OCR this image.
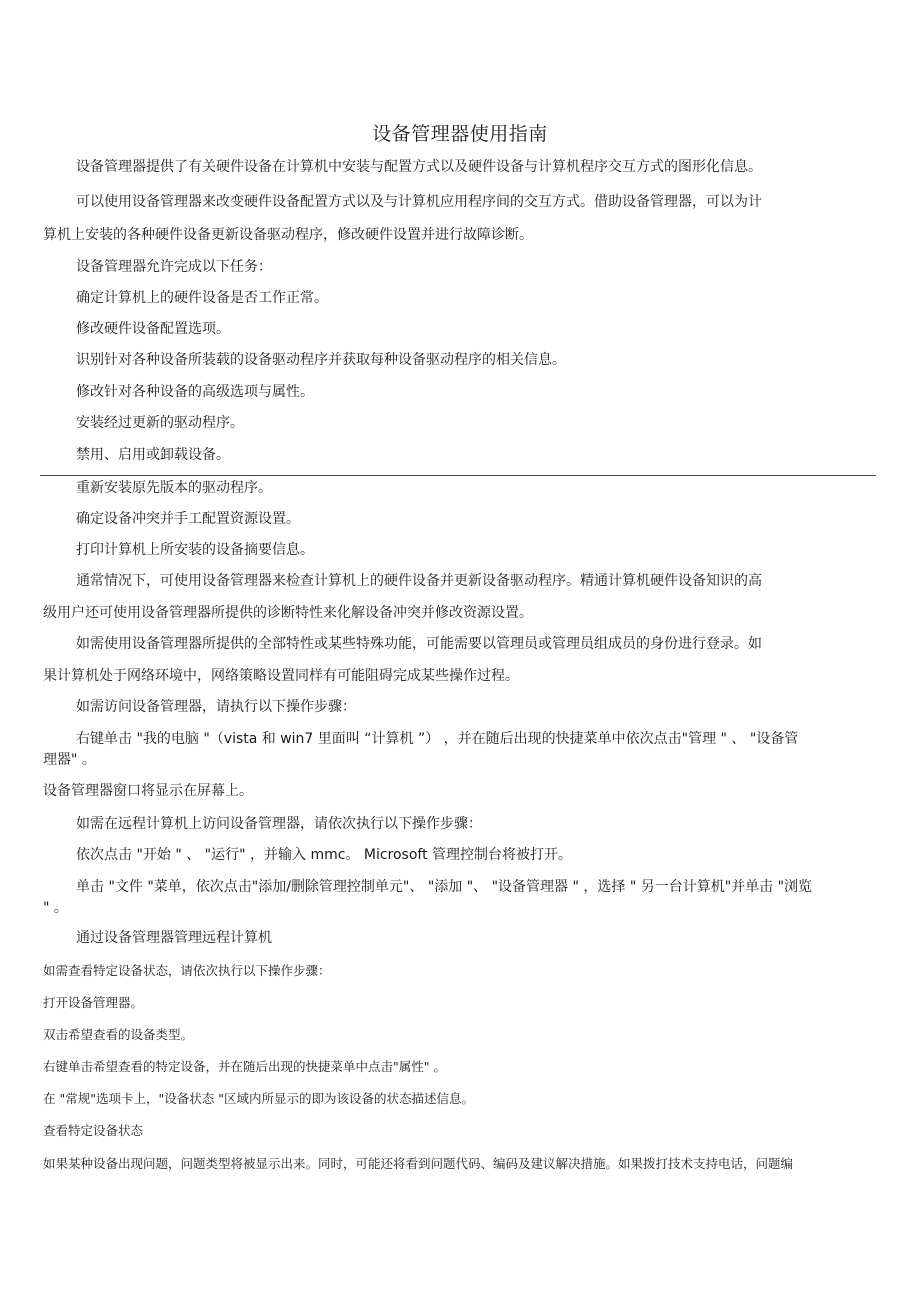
设备管理器使用指南
设备管理器提供了有关硬件设备在计算机中安装与配置方式以及硬件设备与计算机程序交互方式的图形化信息。
可以使用设备管理器来改变硬件设备配置方式以及与计算机应用程序间的交互方式。借助设备管理器，可以为计
算机上安装的各种硬件设备更新设备驱动程序，修改硬件设置并进行故障诊断。
设备管理器允许完成以下任务：
确定计算机上的硬件设备是否工作正常。
修改硬件设备配置选项。
识别针对各种设备所装载的设备驱动程序并获取每种设备驱动程序的相关信息。
修改针对各种设备的高级选项与属性。
安装经过更新的驱动程序。
禁用、启用或卸载设备。
重新安装原先版本的驱动程序。
确定设备冲突并手工配置资源设置。
打印计算机上所安装的设备摘要信息。
通常情况下，可使用设备管理器来检查计算机上的硬件设备并更新设备驱动程序。精通计算机硬件设备知识的高
级用户还可使用设备管理器所提供的诊断特性来化解设备冲突并修改资源设置。
如需使用设备管理器所提供的全部特性或某些特殊功能，可能需要以管理员或管理员组成员的身份进行登录。如
果计算机处于网络环境中，网络策略设置同样有可能阻碍完成某些操作过程。
如需访问设备管理器，请执行以下操作步骤：
右键单击 "我的电脑 "（vista 和 win7 里面叫 “计算机 ”） ，并在随后出现的快捷菜单中依次点击"管理 " 、 "设备管
理器" 。
设备管理器窗口将显示在屏幕上。
如需在远程计算机上访问设备管理器，请依次执行以下操作步骤：
依次点击 "开始 " 、 "运行" ，并输入 mmc。 Microsoft 管理控制台将被打开。
单击 "文件 "菜单，依次点击"添加/删除管理控制单元"、 "添加 "、 "设备管理器 " ，选择 " 另一台计算机"并单击 "浏览
" 。
通过设备管理器管理远程计算机
如需查看特定设备状态，请依次执行以下操作步骤：
打开设备管理器。
双击希望查看的设备类型。
右键单击希望查看的特定设备，并在随后出现的快捷菜单中点击"属性" 。
在 "常规"选项卡上，"设备状态 "区域内所显示的即为该设备的状态描述信息。
查看特定设备状态
如果某种设备出现问题，问题类型将被显示出来。同时，可能还将看到问题代码、编码及建议解决措施。如果拨打技术支持电话，问题编
